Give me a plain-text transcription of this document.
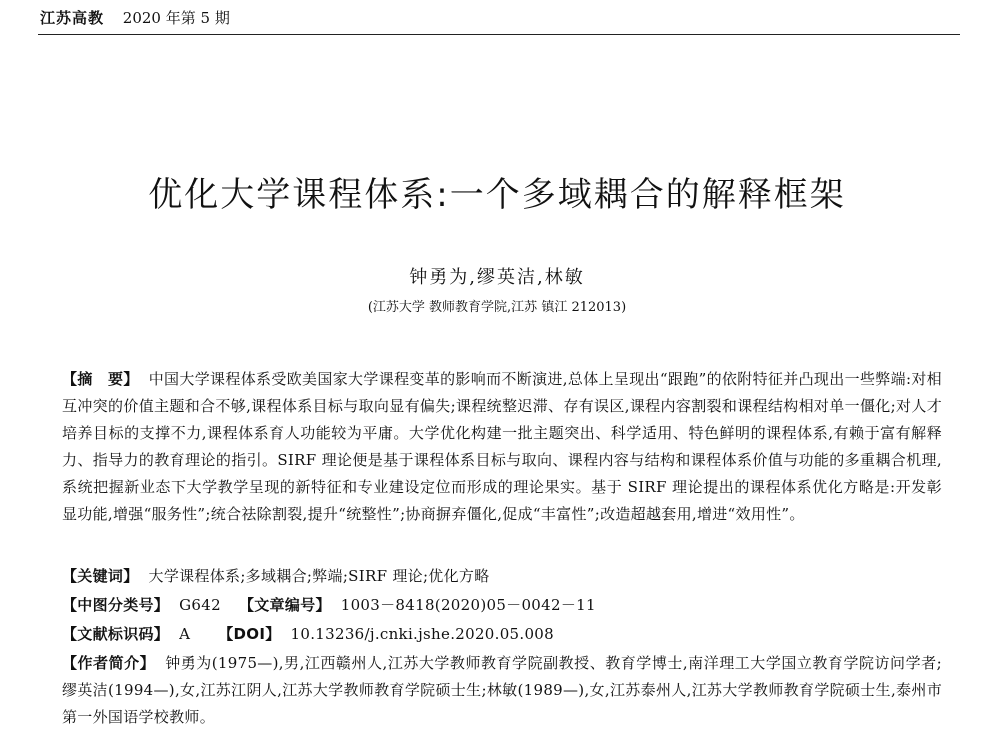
江苏高教 2020 年第 5 期
优化大学课程体系:一个多域耦合的解释框架
钟勇为,缪英洁,林敏
(江苏大学 教师教育学院,江苏 镇江 212013)
【摘　要】 中国大学课程体系受欧美国家大学课程变革的影响而不断演进,总体上呈现出“跟跑”的依附特征并凸现出一些弊端:对相互冲突的价值主题和合不够,课程体系目标与取向显有偏失;课程统整迟滞、存有误区,课程内容割裂和课程结构相对单一僵化;对人才培养目标的支撑不力,课程体系育人功能较为平庸。大学优化构建一批主题突出、科学适用、特色鲜明的课程体系,有赖于富有解释力、指导力的教育理论的指引。SIRF 理论便是基于课程体系目标与取向、课程内容与结构和课程体系价值与功能的多重耦合机理,系统把握新业态下大学教学呈现的新特征和专业建设定位而形成的理论果实。基于 SIRF 理论提出的课程体系优化方略是:开发彰显功能,增强“服务性”;统合祛除割裂,提升“统整性”;协商摒弃僵化,促成“丰富性”;改造超越套用,增进“效用性”。
【关键词】 大学课程体系;多域耦合;弊端;SIRF 理论;优化方略
【中图分类号】 G642 【文章编号】 1003－8418(2020)05－0042－11
【文献标识码】 A 【DOI】 10.13236/j.cnki.jshe.2020.05.008
【作者简介】 钟勇为(1975—),男,江西赣州人,江苏大学教师教育学院副教授、教育学博士,南洋理工大学国立教育学院访问学者;缪英洁(1994—),女,江苏江阴人,江苏大学教师教育学院硕士生;林敏(1989—),女,江苏泰州人,江苏大学教师教育学院硕士生,泰州市第一外国语学校教师。
